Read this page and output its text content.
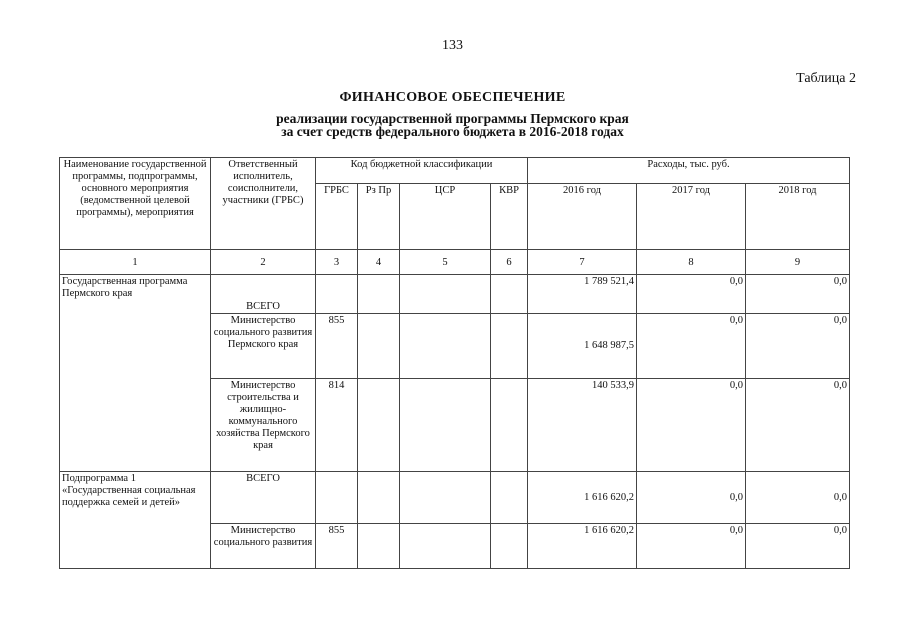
133
Таблица 2
ФИНАНСОВОЕ ОБЕСПЕЧЕНИЕ
реализации государственной программы Пермского края
за счет средств федерального бюджета в 2016-2018 годах
Наименование государственной программы, подпрограммы, основного мероприятия (ведомственной целевой программы), мероприятия	Ответственный исполнитель, соисполнители, участники (ГРБС)	Код бюджетной классификации				Расходы, тыс. руб.		
		ГРБС	Рз Пр	ЦСР	КВР	2016 год	2017 год	2018 год
1	2	3	4	5	6	7	8	9
Государственная программа Пермского края	ВСЕГО					1 789 521,4	0,0	0,0
	Министерство социального развития Пермского края	855				1 648 987,5	0,0	0,0
	Министерство строительства и жилищно-коммунального хозяйства Пермского края	814				140 533,9	0,0	0,0
Подпрограмма 1 «Государственная социальная поддержка семей и детей»	ВСЕГО					1 616 620,2	0,0	0,0
	Министерство социального развития	855				1 616 620,2	0,0	0,0
